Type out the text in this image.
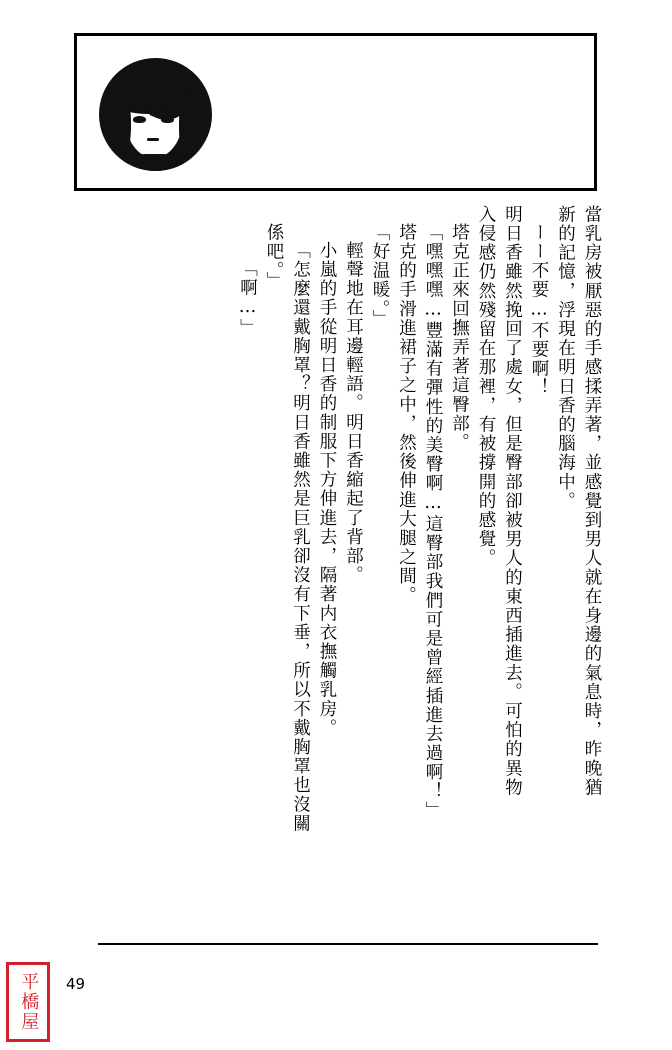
當乳房被厭惡的手感揉弄著，並感覺到男人就在身邊的氣息時，昨晚猶
新的記憶，浮現在明日香的腦海中。
ーー不要…不要啊！
明日香雖然挽回了處女，但是臀部卻被男人的東西插進去。可怕的異物
入侵感仍然殘留在那裡，有被撐開的感覺。
塔克正來回撫弄著這臀部。
「嘿嘿嘿…豐滿有彈性的美臀啊…這臀部我們可是曾經插進去過啊！」
塔克的手滑進裙子之中，然後伸進大腿之間。
「好温暖。」
輕聲地在耳邊輕語。明日香縮起了背部。
小嵐的手從明日香的制服下方伸進去，隔著内衣撫觸乳房。
「怎麼還戴胸罩？明日香雖然是巨乳卻沒有下垂，所以不戴胸罩也沒關
係吧。」
「啊…」
49
平橋屋
